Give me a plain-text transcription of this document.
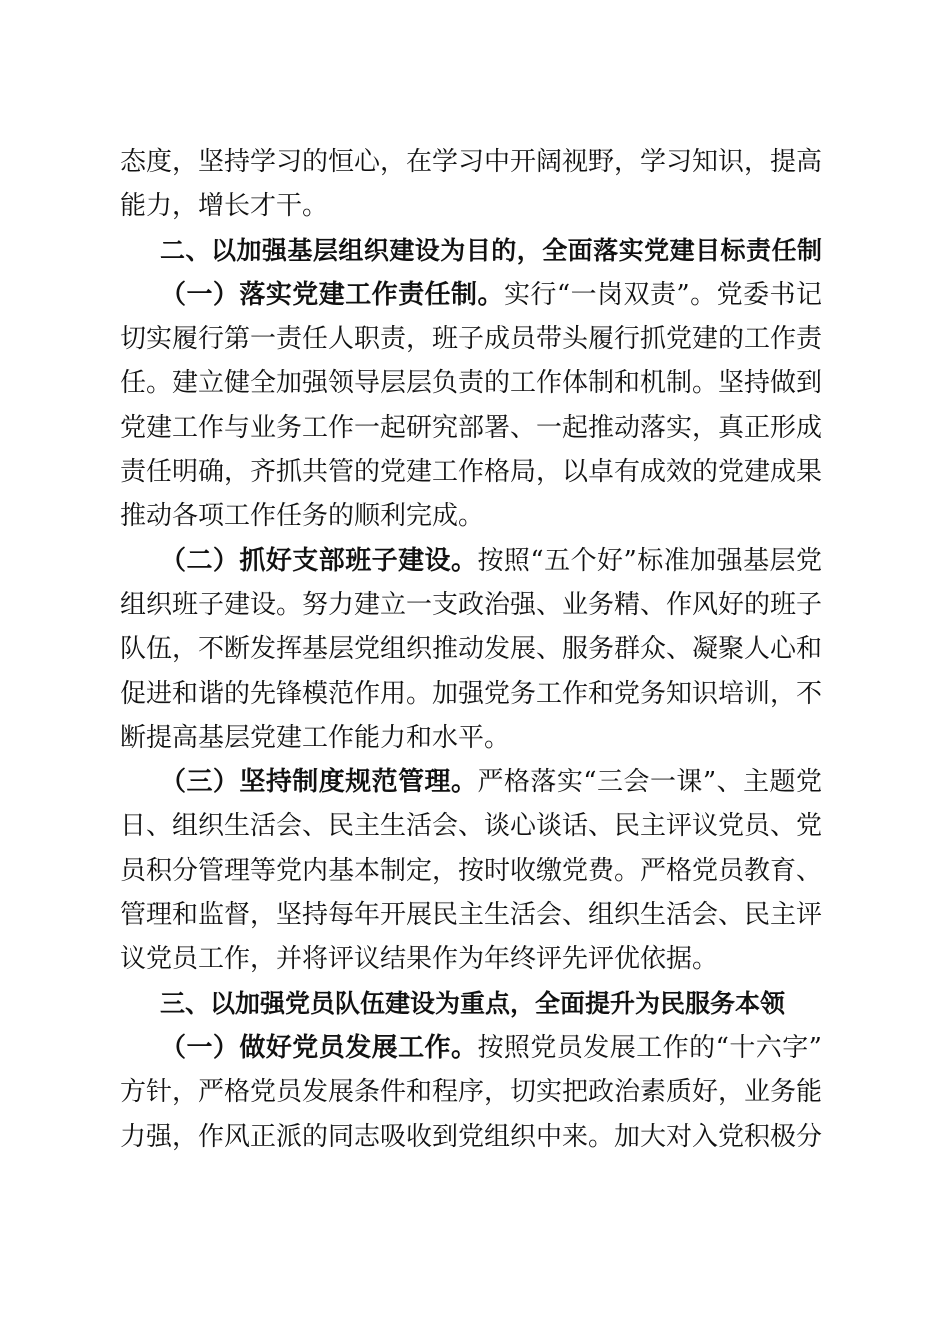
态度，坚持学习的恒心，在学习中开阔视野，学习知识，提高
能力，增长才干。
二、以加强基层组织建设为目的，全面落实党建目标责任制
（一）落实党建工作责任制。实行“一岗双责”。党委书记
切实履行第一责任人职责，班子成员带头履行抓党建的工作责
任。建立健全加强领导层层负责的工作体制和机制。坚持做到
党建工作与业务工作一起研究部署、一起推动落实，真正形成
责任明确，齐抓共管的党建工作格局，以卓有成效的党建成果
推动各项工作任务的顺利完成。
（二）抓好支部班子建设。按照“五个好”标准加强基层党
组织班子建设。努力建立一支政治强、业务精、作风好的班子
队伍，不断发挥基层党组织推动发展、服务群众、凝聚人心和
促进和谐的先锋模范作用。加强党务工作和党务知识培训，不
断提高基层党建工作能力和水平。
（三）坚持制度规范管理。严格落实“三会一课”、主题党
日、组织生活会、民主生活会、谈心谈话、民主评议党员、党
员积分管理等党内基本制定，按时收缴党费。严格党员教育、
管理和监督，坚持每年开展民主生活会、组织生活会、民主评
议党员工作，并将评议结果作为年终评先评优依据。
三、以加强党员队伍建设为重点，全面提升为民服务本领
（一）做好党员发展工作。按照党员发展工作的“十六字”
方针，严格党员发展条件和程序，切实把政治素质好，业务能
力强，作风正派的同志吸收到党组织中来。加大对入党积极分
